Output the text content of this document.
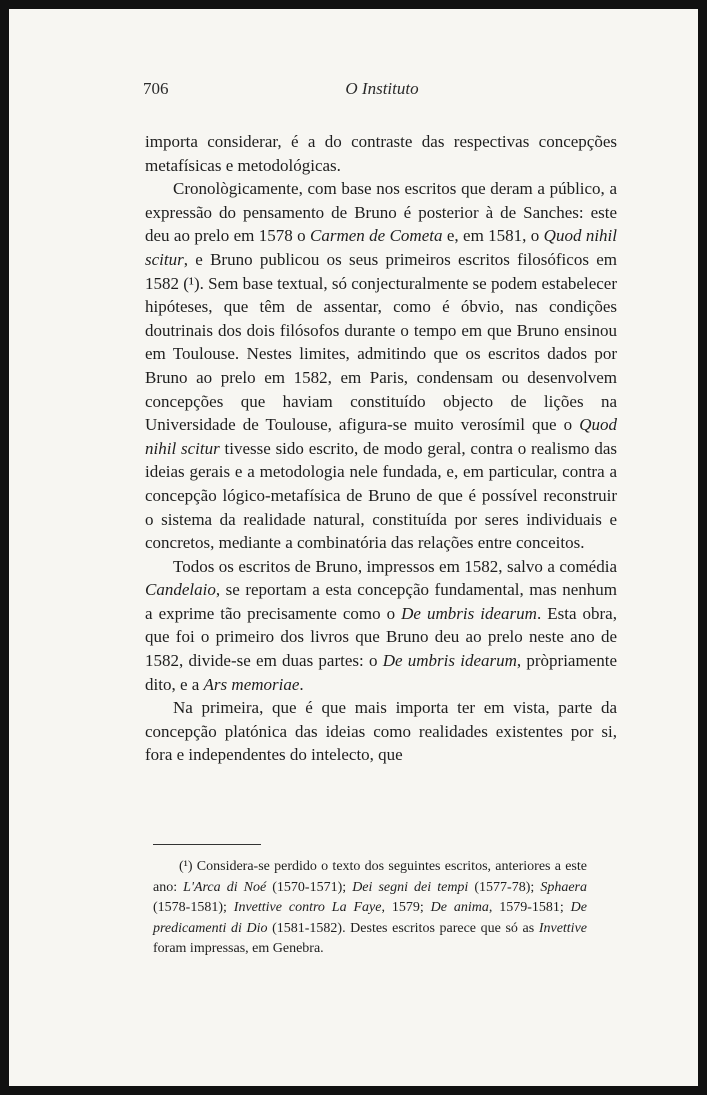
706	O Instituto

importa considerar, é a do contraste das respectivas concepções metafísicas e metodológicas.

Cronològicamente, com base nos escritos que deram a público, a expressão do pensamento de Bruno é posterior à de Sanches: este deu ao prelo em 1578 o Carmen de Cometa e, em 1581, o Quod nihil scitur, e Bruno publicou os seus primeiros escritos filosóficos em 1582 (¹). Sem base textual, só conjecturalmente se podem estabelecer hipóteses, que têm de assentar, como é óbvio, nas condições doutrinais dos dois filósofos durante o tempo em que Bruno ensinou em Toulouse. Nestes limites, admitindo que os escritos dados por Bruno ao prelo em 1582, em Paris, condensam ou desenvolvem concepções que haviam constituído objecto de lições na Universidade de Toulouse, afigura-se muito verosímil que o Quod nihil scitur tivesse sido escrito, de modo geral, contra o realismo das ideias gerais e a metodologia nele fundada, e, em particular, contra a concepção lógico-metafísica de Bruno de que é possível reconstruir o sistema da realidade natural, constituída por seres individuais e concretos, mediante a combinatória das relações entre conceitos.

Todos os escritos de Bruno, impressos em 1582, salvo a comédia Candelaio, se reportam a esta concepção fundamental, mas nenhum a exprime tão precisamente como o De umbris idearum. Esta obra, que foi o primeiro dos livros que Bruno deu ao prelo neste ano de 1582, divide-se em duas partes: o De umbris idearum, pròpriamente dito, e a Ars memoriae.

Na primeira, que é que mais importa ter em vista, parte da concepção platónica das ideias como realidades existentes por si, fora e independentes do intelecto, que

(¹) Considera-se perdido o texto dos seguintes escritos, anteriores a este ano: L'Arca di Noé (1570-1571); Dei segni dei tempi (1577-78); Sphaera (1578-1581); Invettive contro La Faye, 1579; De anima, 1579-1581; De predicamenti di Dio (1581-1582). Destes escritos parece que só as Invettive foram impressas, em Genebra.
